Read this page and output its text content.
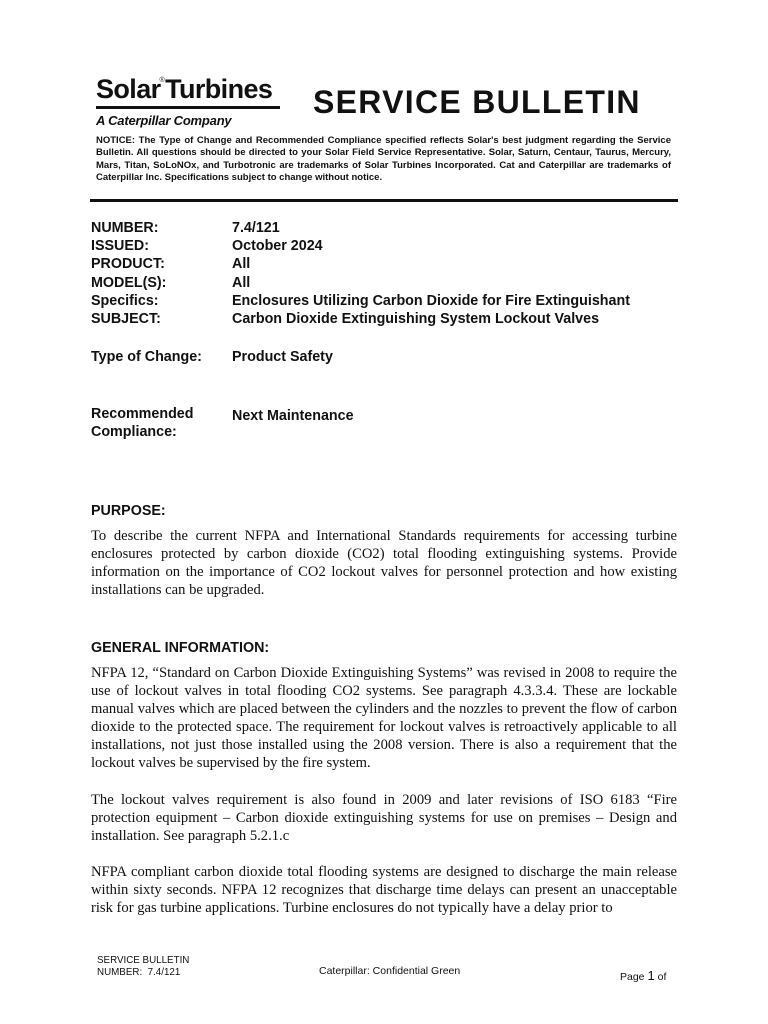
Solar®Turbines
A Caterpillar Company
SERVICE BULLETIN
NOTICE: The Type of Change and Recommended Compliance specified reflects Solar's best judgment regarding the Service Bulletin. All questions should be directed to your Solar Field Service Representative. Solar, Saturn, Centaur, Taurus, Mercury, Mars, Titan, SoLoNOx, and Turbotronic are trademarks of Solar Turbines Incorporated. Cat and Caterpillar are trademarks of Caterpillar Inc. Specifications subject to change without notice.
NUMBER:	7.4/121
ISSUED:	October 2024
PRODUCT:	All
MODEL(S):	All
Specifics:	Enclosures Utilizing Carbon Dioxide for Fire Extinguishant
SUBJECT:	Carbon Dioxide Extinguishing System Lockout Valves
Type of Change:	Product Safety
Recommended
Compliance:
Next Maintenance
PURPOSE:
To describe the current NFPA and International Standards requirements for accessing turbine enclosures protected by carbon dioxide (CO2) total flooding extinguishing systems. Provide information on the importance of CO2 lockout valves for personnel protection and how existing installations can be upgraded.
GENERAL INFORMATION:
NFPA 12, “Standard on Carbon Dioxide Extinguishing Systems” was revised in 2008 to require the use of lockout valves in total flooding CO2 systems. See paragraph 4.3.3.4. These are lockable manual valves which are placed between the cylinders and the nozzles to prevent the flow of carbon dioxide to the protected space. The requirement for lockout valves is retroactively applicable to all installations, not just those installed using the 2008 version. There is also a requirement that the lockout valves be supervised by the fire system.
The lockout valves requirement is also found in 2009 and later revisions of ISO 6183 “Fire protection equipment – Carbon dioxide extinguishing systems for use on premises – Design and installation. See paragraph 5.2.1.c
NFPA compliant carbon dioxide total flooding systems are designed to discharge the main release within sixty seconds. NFPA 12 recognizes that discharge time delays can present an unacceptable risk for gas turbine applications. Turbine enclosures do not typically have a delay prior to
SERVICE BULLETIN
NUMBER:  7.4/121	Caterpillar: Confidential Green	Page 1 of
